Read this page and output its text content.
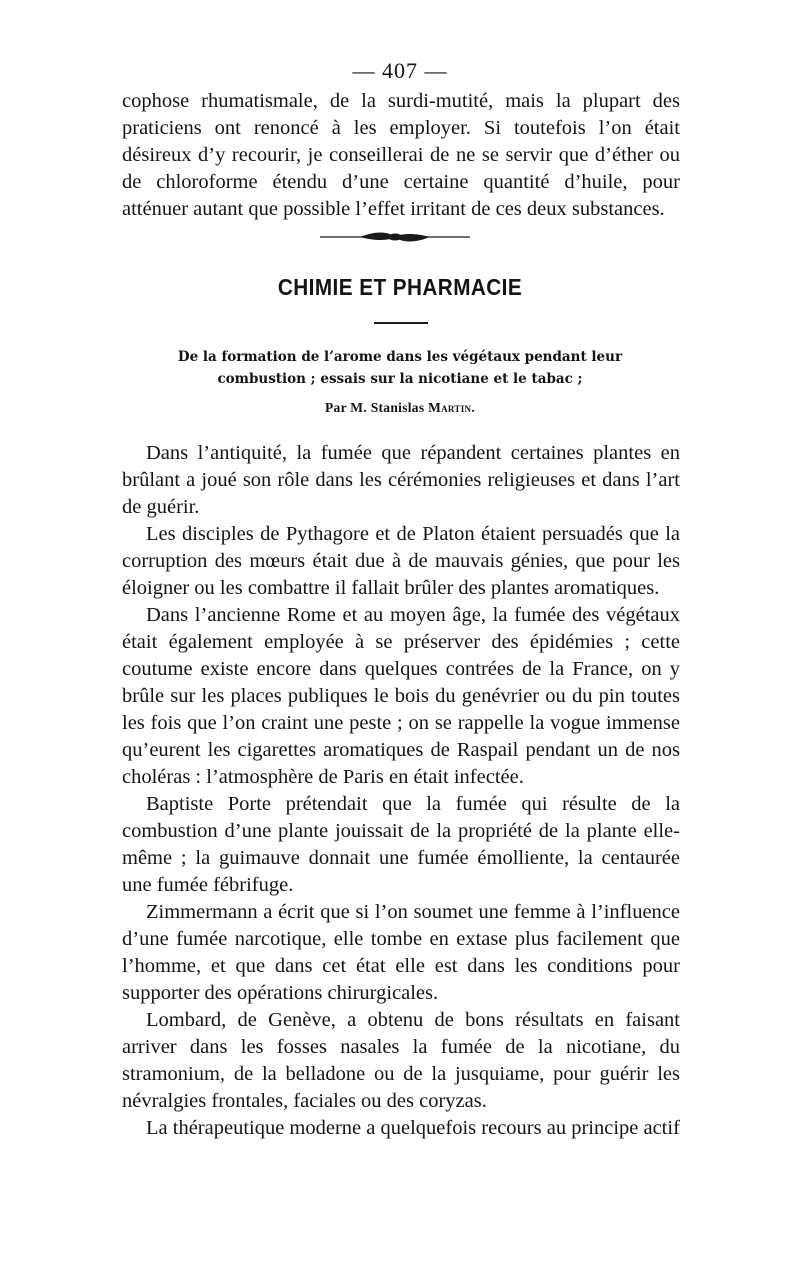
— 407 —

cophose rhumatismale, de la surdi-mutité, mais la plupart des praticiens ont renoncé à les employer. Si toutefois l’on était désireux d’y recourir, je conseillerai de ne se servir que d’éther ou de chloroforme étendu d’une certaine quantité d’huile, pour atténuer autant que possible l’effet irritant de ces deux substances.

CHIMIE ET PHARMACIE
De la formation de l’arome dans les végétaux pendant leur combustion ; essais sur la nicotiane et le tabac ;
Par M. Stanislas Martin.

Dans l’antiquité, la fumée que répandent certaines plantes en brûlant a joué son rôle dans les cérémonies religieuses et dans l’art de guérir.

Les disciples de Pythagore et de Platon étaient persuadés que la corruption des mœurs était due à de mauvais génies, que pour les éloigner ou les combattre il fallait brûler des plantes aromatiques.

Dans l’ancienne Rome et au moyen âge, la fumée des végétaux était également employée à se préserver des épidémies ; cette coutume existe encore dans quelques contrées de la France, on y brûle sur les places publiques le bois du genévrier ou du pin toutes les fois que l’on craint une peste ; on se rappelle la vogue immense qu’eurent les cigarettes aromatiques de Raspail pendant un de nos choléras : l’atmosphère de Paris en était infectée.

Baptiste Porte prétendait que la fumée qui résulte de la combustion d’une plante jouissait de la propriété de la plante elle-même ; la guimauve donnait une fumée émolliente, la centaurée une fumée fébrifuge.

Zimmermann a écrit que si l’on soumet une femme à l’influence d’une fumée narcotique, elle tombe en extase plus facilement que l’homme, et que dans cet état elle est dans les conditions pour supporter des opérations chirurgicales.

Lombard, de Genève, a obtenu de bons résultats en faisant arriver dans les fosses nasales la fumée de la nicotiane, du stramonium, de la belladone ou de la jusquiame, pour guérir les névralgies frontales, faciales ou des coryzas.

La thérapeutique moderne a quelquefois recours au principe actif
